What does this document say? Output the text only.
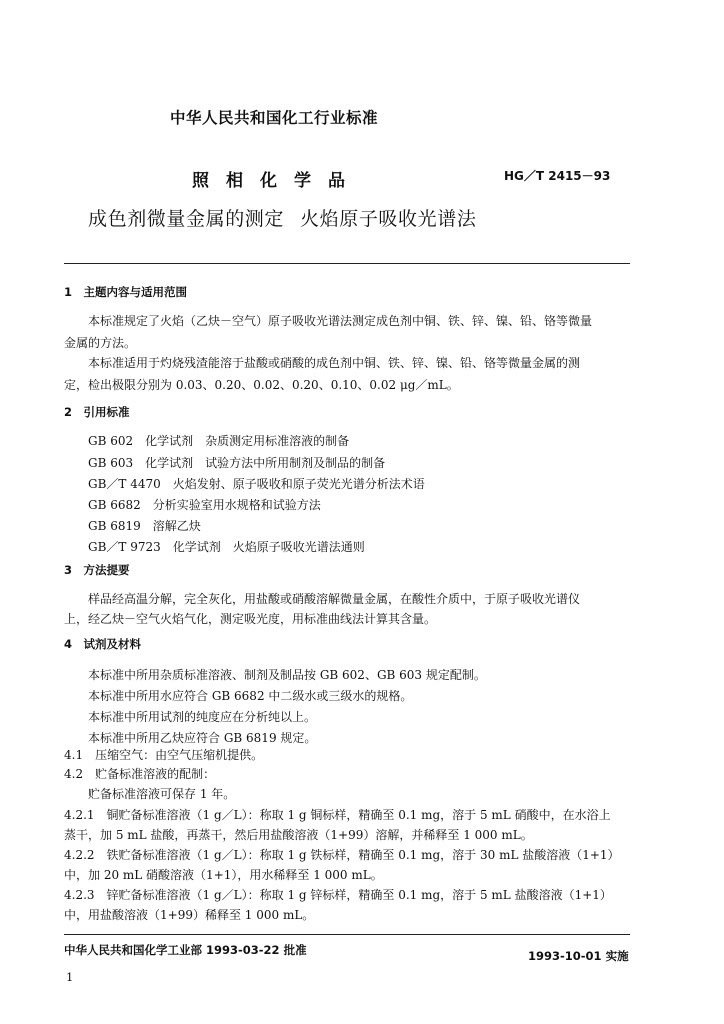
中华人民共和国化工行业标准
照相化学品	HG／T 2415－93
成色剂微量金属的测定 火焰原子吸收光谱法
1　主题内容与适用范围
　本标准规定了火焰（乙炔－空气）原子吸收光谱法测定成色剂中铜、铁、锌、镍、铅、铬等微量
金属的方法。
　本标准适用于灼烧残渣能溶于盐酸或硝酸的成色剂中铜、铁、锌、镍、铅、铬等微量金属的测
定，检出极限分别为 0.03、0.20、0.02、0.20、0.10、0.02 μg／mL。
2　引用标准
GB 602　化学试剂　杂质测定用标准溶液的制备
GB 603　化学试剂　试验方法中所用制剂及制品的制备
GB／T 4470　火焰发射、原子吸收和原子荧光光谱分析法术语
GB 6682　分析实验室用水规格和试验方法
GB 6819　溶解乙炔
GB／T 9723　化学试剂　火焰原子吸收光谱法通则
3　方法提要
　样品经高温分解，完全灰化，用盐酸或硝酸溶解微量金属，在酸性介质中，于原子吸收光谱仪
上，经乙炔－空气火焰气化，测定吸光度，用标准曲线法计算其含量。
4　试剂及材料
本标准中所用杂质标准溶液、制剂及制品按 GB 602、GB 603 规定配制。
本标准中所用水应符合 GB 6682 中二级水或三级水的规格。
本标准中所用试剂的纯度应在分析纯以上。
本标准中所用乙炔应符合 GB 6819 规定。
4.1　压缩空气：由空气压缩机提供。
4.2　贮备标准溶液的配制：
贮备标准溶液可保存 1 年。
4.2.1　铜贮备标准溶液（1 g／L）：称取 1 g 铜标样，精确至 0.1 mg，溶于 5 mL 硝酸中，在水浴上
蒸干，加 5 mL 盐酸，再蒸干，然后用盐酸溶液（1+99）溶解，并稀释至 1 000 mL。
4.2.2　铁贮备标准溶液（1 g／L）：称取 1 g 铁标样，精确至 0.1 mg，溶于 30 mL 盐酸溶液（1+1）
中，加 20 mL 硝酸溶液（1+1），用水稀释至 1 000 mL。
4.2.3　锌贮备标准溶液（1 g／L）：称取 1 g 锌标样，精确至 0.1 mg，溶于 5 mL 盐酸溶液（1+1）
中，用盐酸溶液（1+99）稀释至 1 000 mL。
中华人民共和国化学工业部 1993-03-22 批准	1993-10-01 实施
1
